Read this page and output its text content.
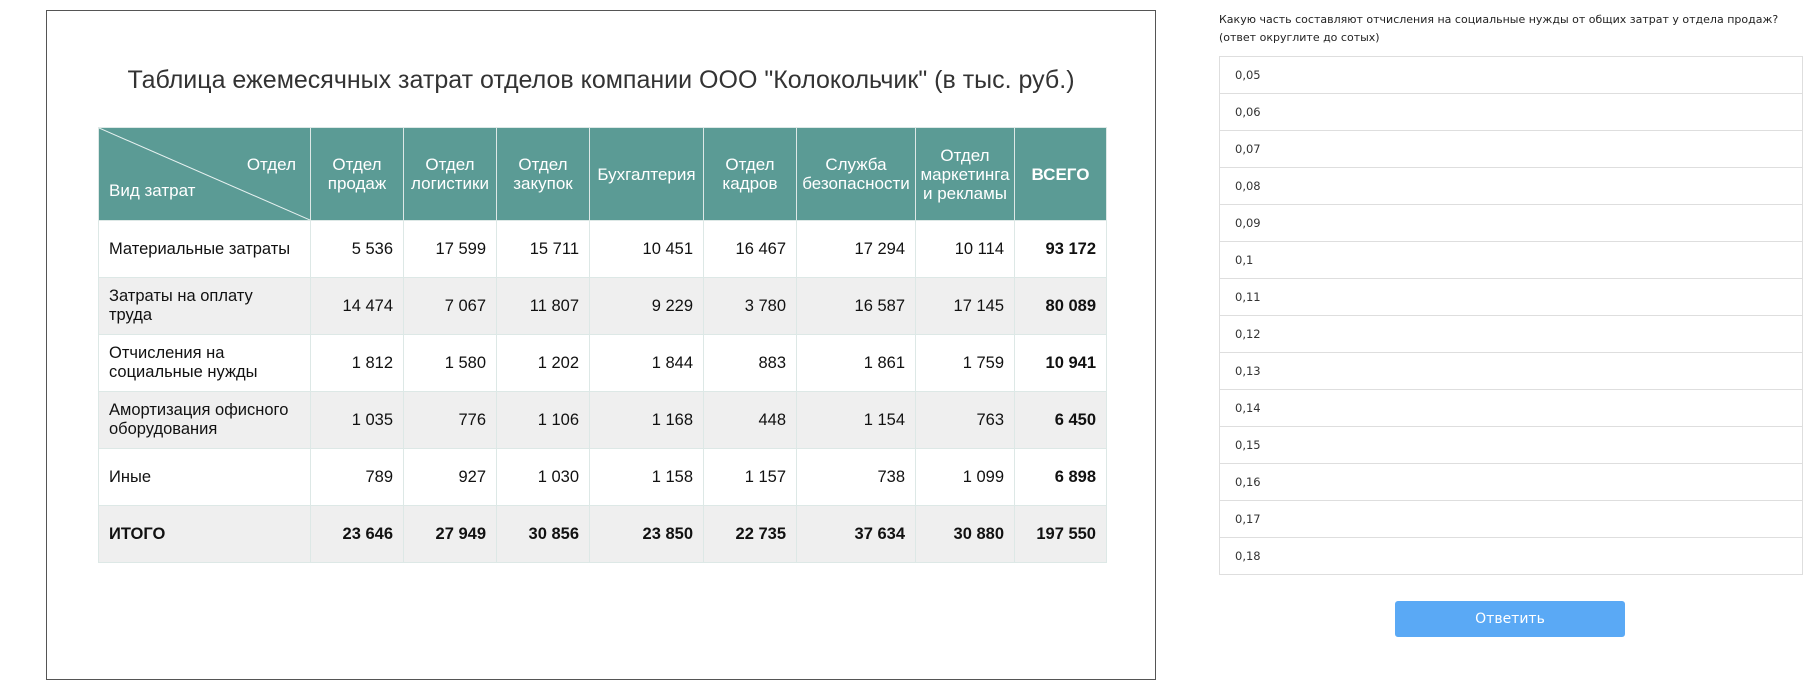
Таблица ежемесячных затрат отделов компании ООО "Колокольчик" (в тыс. руб.)
Отдел
Вид затрат	Отдел продаж	Отдел логистики	Отдел закупок	Бухгалтерия	Отдел кадров	Служба безопасности	Отдел маркетинга и рекламы	ВСЕГО
Материальные затраты	5 536	17 599	15 711	10 451	16 467	17 294	10 114	93 172
Затраты на оплату труда	14 474	7 067	11 807	9 229	3 780	16 587	17 145	80 089
Отчисления на социальные нужды	1 812	1 580	1 202	1 844	883	1 861	1 759	10 941
Амортизация офисного оборудования	1 035	776	1 106	1 168	448	1 154	763	6 450
Иные	789	927	1 030	1 158	1 157	738	1 099	6 898
ИТОГО	23 646	27 949	30 856	23 850	22 735	37 634	30 880	197 550
Какую часть составляют отчисления на социальные нужды от общих затрат у отдела продаж? (ответ округлите до сотых)
0,05
0,06
0,07
0,08
0,09
0,1
0,11
0,12
0,13
0,14
0,15
0,16
0,17
0,18
Ответить
